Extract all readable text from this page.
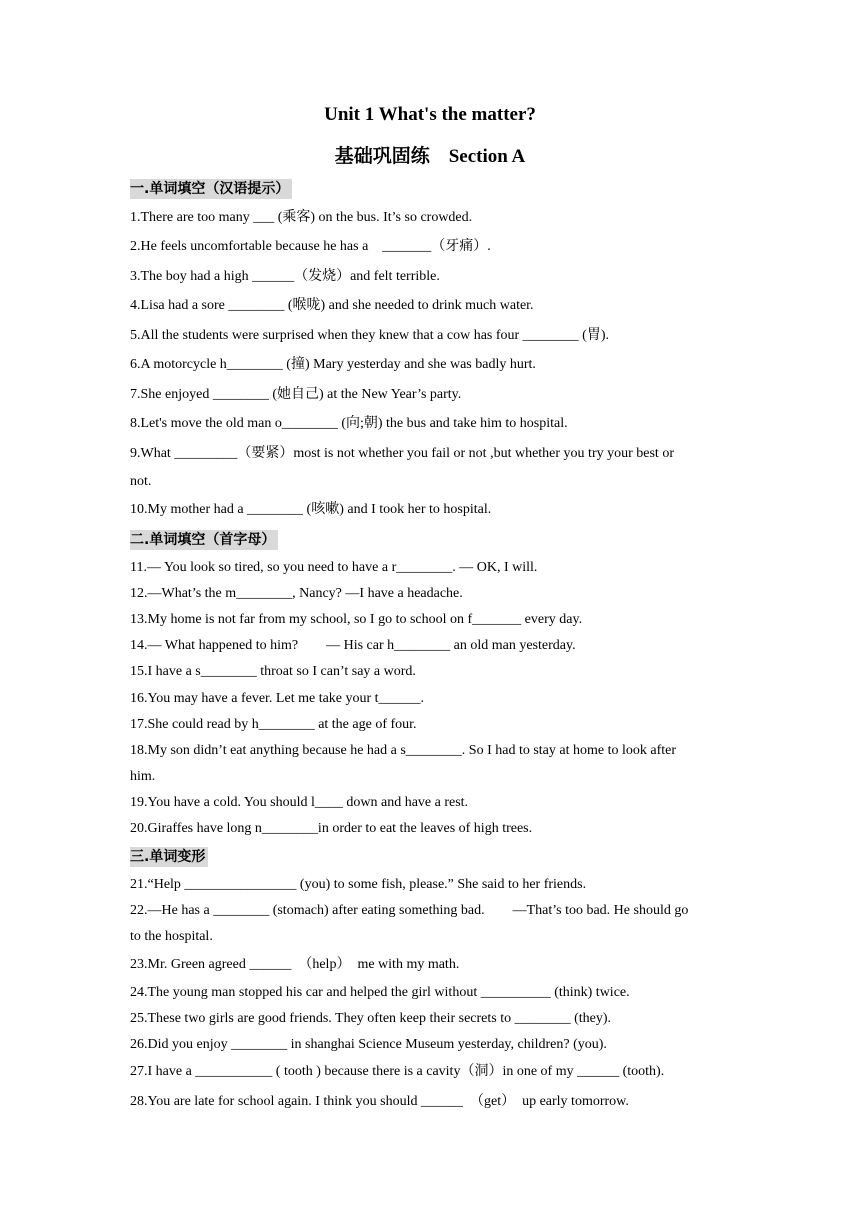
Unit 1 What's the matter?
基础巩固练　Section A
一.单词填空（汉语提示）
1.There are too many ___ (乘客) on the bus. It’s so crowded.
2.He feels uncomfortable because he has a　_______（牙痛）.
3.The boy had a high ______（发烧）and felt terrible.
4.Lisa had a sore ________ (喉咙) and she needed to drink much water.
5.All the students were surprised when they knew that a cow has four ________ (胃).
6.A motorcycle h________ (撞) Mary yesterday and she was badly hurt.
7.She enjoyed ________ (她自己) at the New Year’s party.
8.Let's move the old man o________ (向;朝) the bus and take him to hospital.
9.What _________（要紧）most is not whether you fail or not ,but whether you try your best or
not.
10.My mother had a ________ (咳嗽) and I took her to hospital.
二.单词填空（首字母）
11.— You look so tired, so you need to have a r________. — OK, I will.
12.—What’s the m________, Nancy? —I have a headache.
13.My home is not far from my school, so I go to school on f_______ every day.
14.— What happened to him?　　— His car h________ an old man yesterday.
15.I have a s________ throat so I can’t say a word.
16.You may have a fever. Let me take your t______.
17.She could read by h________ at the age of four.
18.My son didn’t eat anything because he had a s________. So I had to stay at home to look after
him.
19.You have a cold. You should l____ down and have a rest.
20.Giraffes have long n________in order to eat the leaves of high trees.
三.单词变形
21.“Help ________________ (you) to some fish, please.” She said to her friends.
22.—He has a ________ (stomach) after eating something bad.　　—That’s too bad. He should go
to the hospital.
23.Mr. Green agreed ______　（help）　me with my math.
24.The young man stopped his car and helped the girl without __________ (think) twice.
25.These two girls are good friends. They often keep their secrets to ________ (they).
26.Did you enjoy ________ in shanghai Science Museum yesterday, children? (you).
27.I have a ___________ ( tooth ) because there is a cavity（洞）in one of my ______ (tooth).
28.You are late for school again. I think you should ______　（get）　up early tomorrow.
